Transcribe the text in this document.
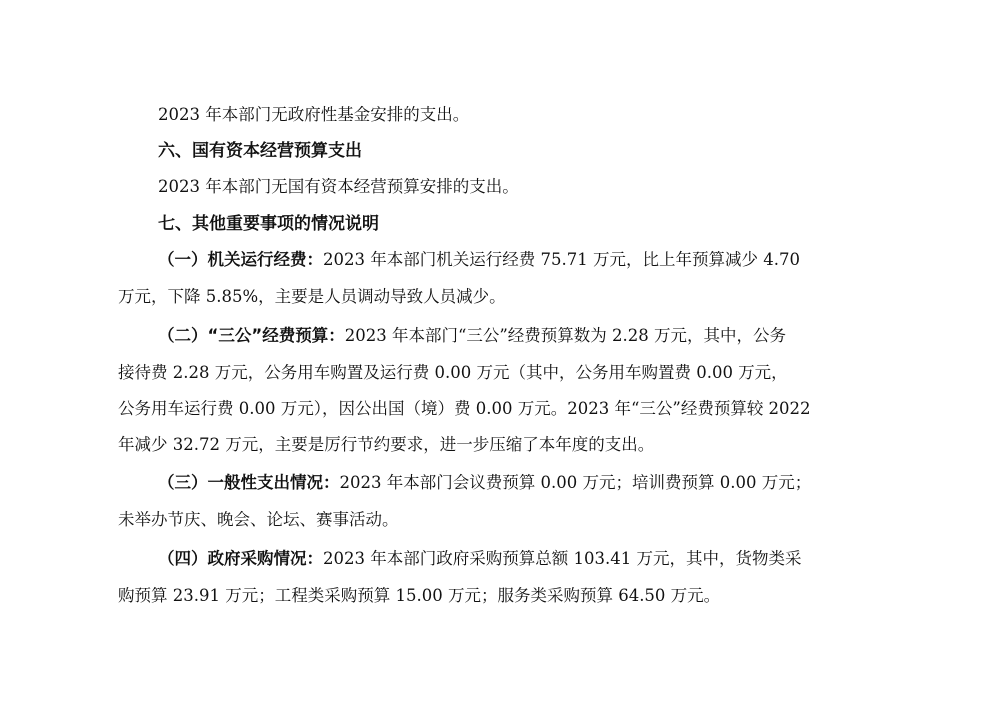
2023 年本部门无政府性基金安排的支出。
六、国有资本经营预算支出
2023 年本部门无国有资本经营预算安排的支出。
七、其他重要事项的情况说明
（一）机关运行经费：2023 年本部门机关运行经费 75.71 万元，比上年预算减少 4.70
万元，下降 5.85%，主要是人员调动导致人员减少。
（二）“三公”经费预算：2023 年本部门“三公”经费预算数为 2.28 万元，其中，公务
接待费 2.28 万元，公务用车购置及运行费 0.00 万元（其中，公务用车购置费 0.00 万元，
公务用车运行费 0.00 万元），因公出国（境）费 0.00 万元。2023 年“三公”经费预算较 2022
年减少 32.72 万元，主要是厉行节约要求，进一步压缩了本年度的支出。
（三）一般性支出情况：2023 年本部门会议费预算 0.00 万元；培训费预算 0.00 万元；
未举办节庆、晚会、论坛、赛事活动。
（四）政府采购情况：2023 年本部门政府采购预算总额 103.41 万元，其中，货物类采
购预算 23.91 万元；工程类采购预算 15.00 万元；服务类采购预算 64.50 万元。
